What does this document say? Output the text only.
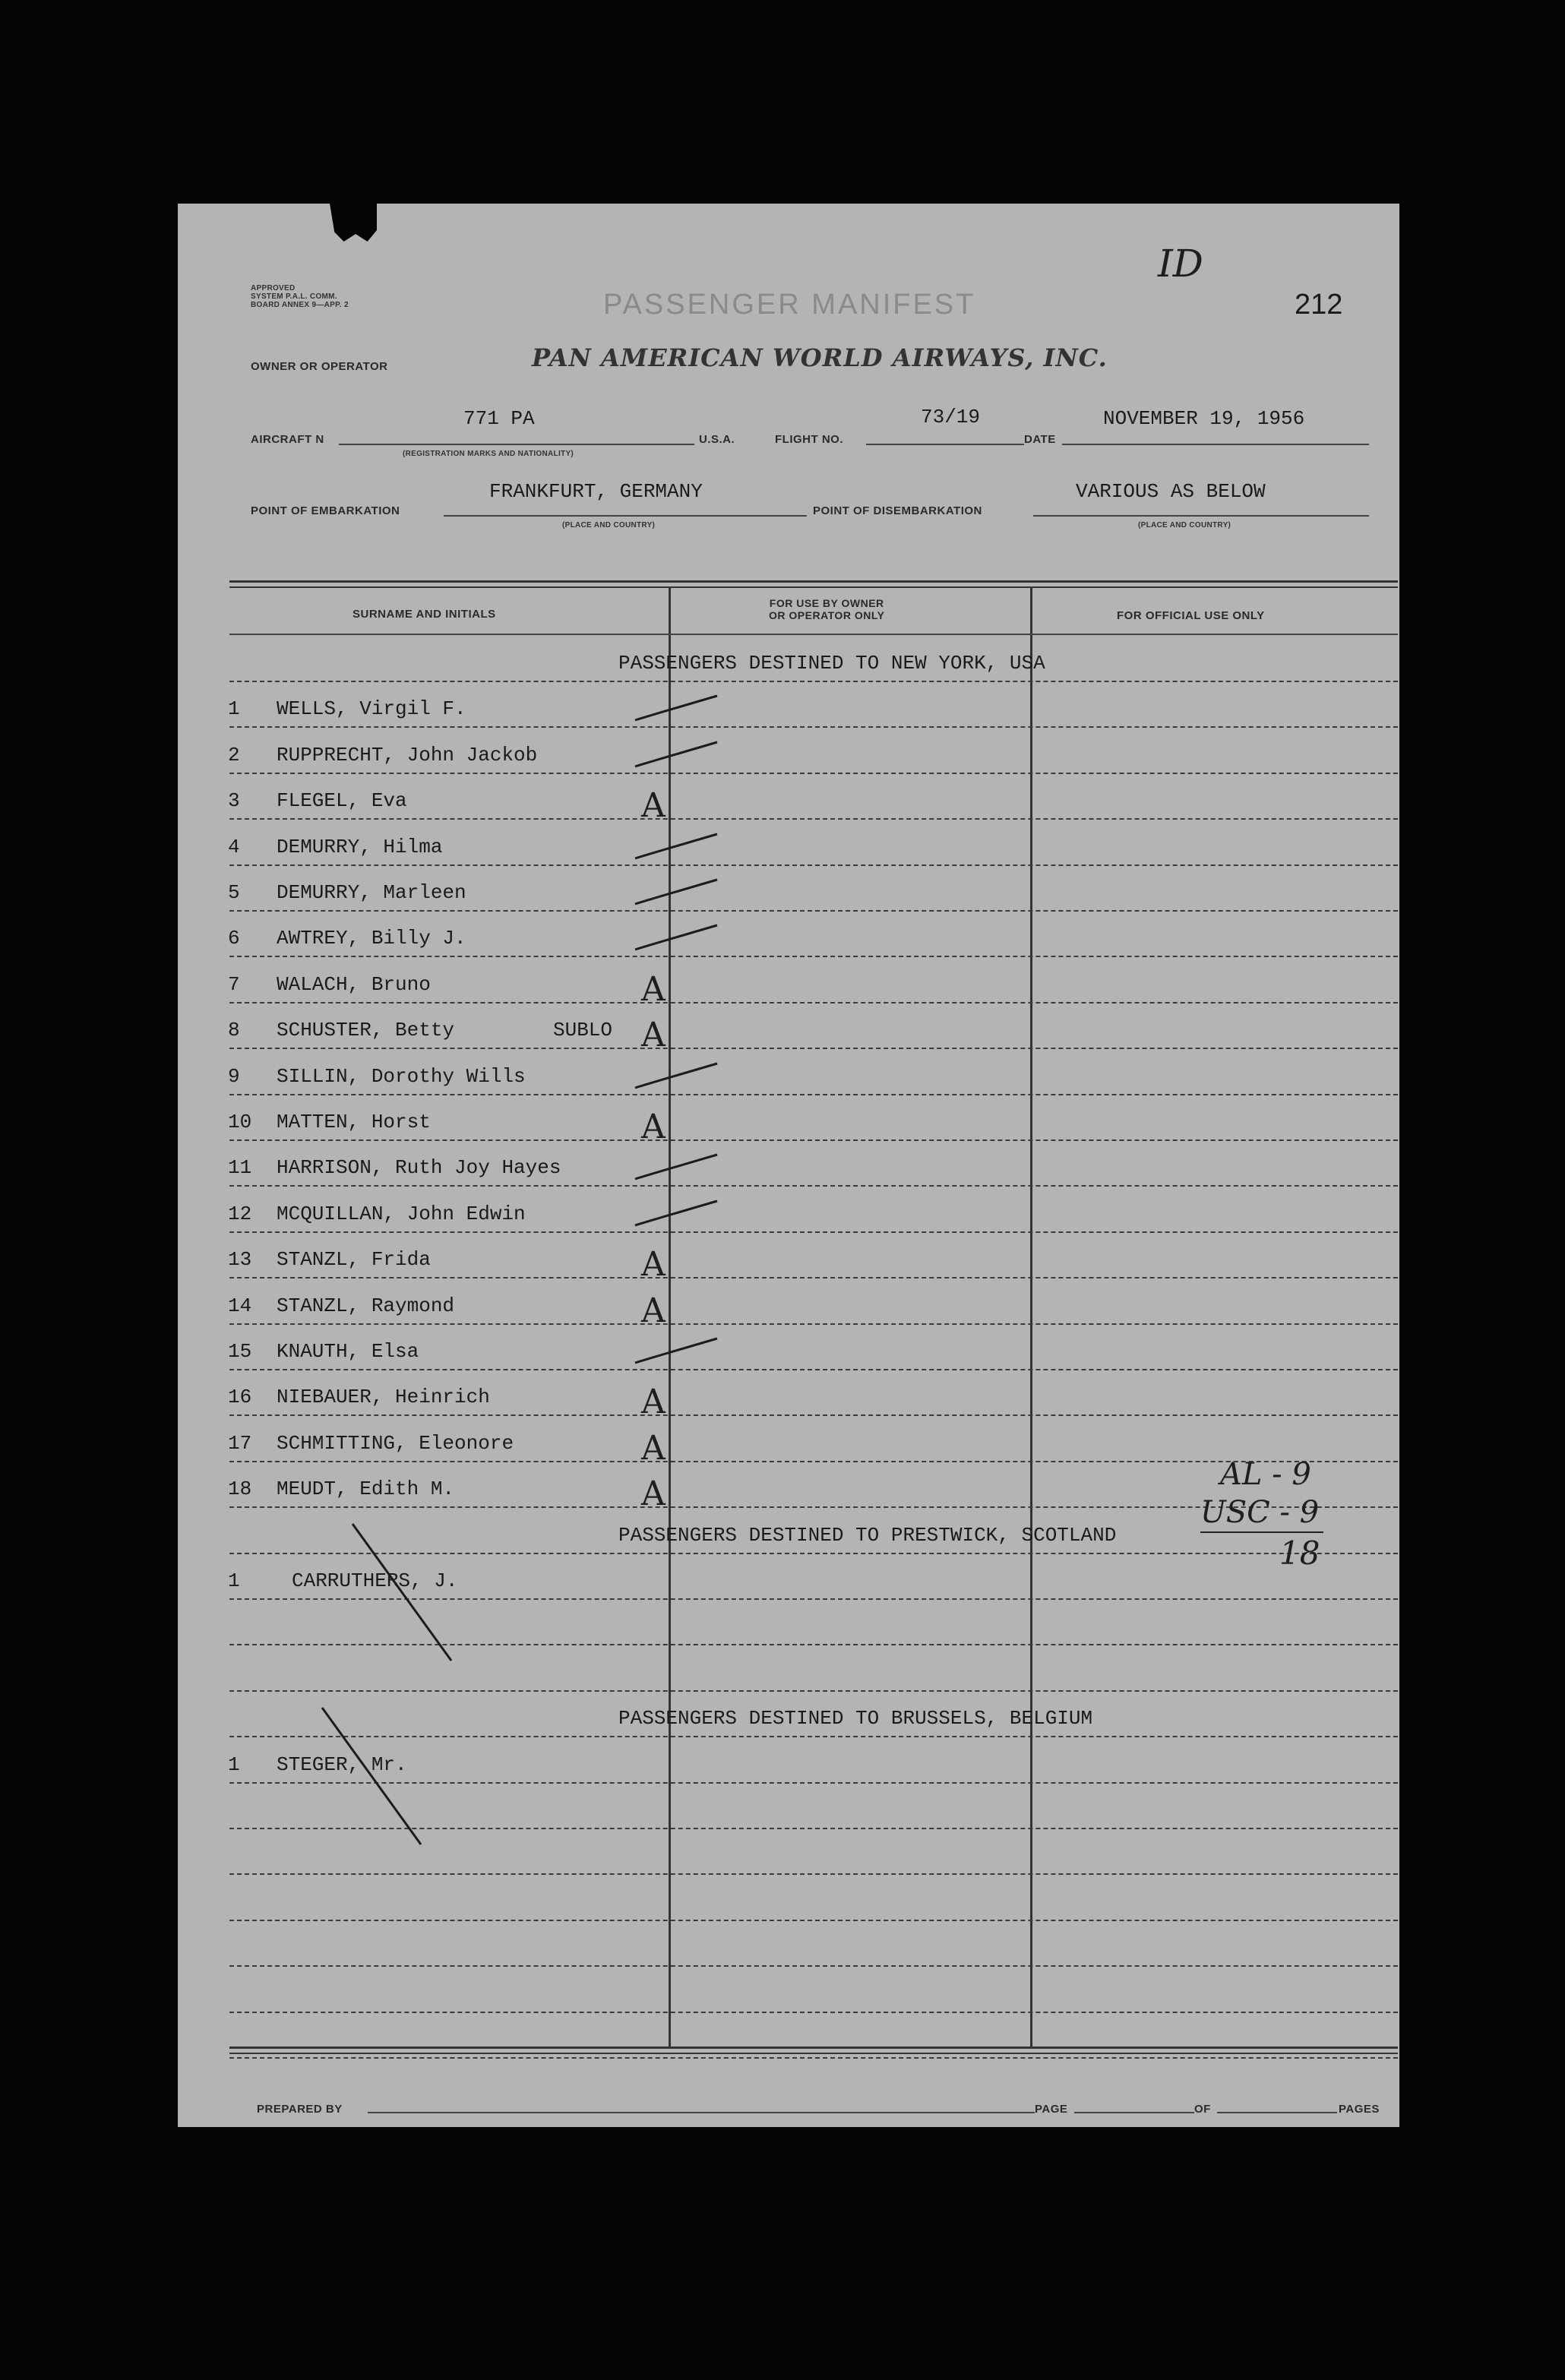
APPROVED
SYSTEM P.A.L. COMM.
BOARD ANNEX 9—APP. 2	PASSENGER MANIFEST
ID
212
OWNER OR OPERATOR	PAN AMERICAN WORLD AIRWAYS, INC.
AIRCRAFT N
771 PA
(REGISTRATION MARKS AND NATIONALITY)
U.S.A.	FLIGHT NO.
73/19
DATE
NOVEMBER 19, 1956
POINT OF EMBARKATION
FRANKFURT, GERMANY
(PLACE AND COUNTRY)
POINT OF DISEMBARKATION
VARIOUS AS BELOW
(PLACE AND COUNTRY)
SURNAME AND INITIALS
FOR USE BY OWNER
OR OPERATOR ONLY	FOR OFFICIAL USE ONLY
PASSENGERS DESTINED TO NEW YORK, USA
1 WELLS, Virgil F.
2 RUPPRECHT, John Jackob
3 FLEGEL, Eva	A
4 DEMURRY, Hilma
5 DEMURRY, Marleen
6 AWTREY, Billy J.
7 WALACH, Bruno	A
8 SCHUSTER, Betty	SUBLO A
9 SILLIN, Dorothy Wills
10 MATTEN, Horst	A
11 HARRISON, Ruth Joy Hayes
12 MCQUILLAN, John Edwin
13 STANZL, Frida	A
14 STANZL, Raymond	A
15 KNAUTH, Elsa
16 NIEBAUER, Heinrich	A
17 SCHMITTING, Eleonore	A
18 MEUDT, Edith M.	A
PASSENGERS DESTINED TO PRESTWICK, SCOTLAND
1	CARRUTHERS, J.
PASSENGERS DESTINED TO BRUSSELS, BELGIUM
1 STEGER, Mr.
AL - 9
USC - 9
18
PREPARED BY	PAGE	OF	PAGES
